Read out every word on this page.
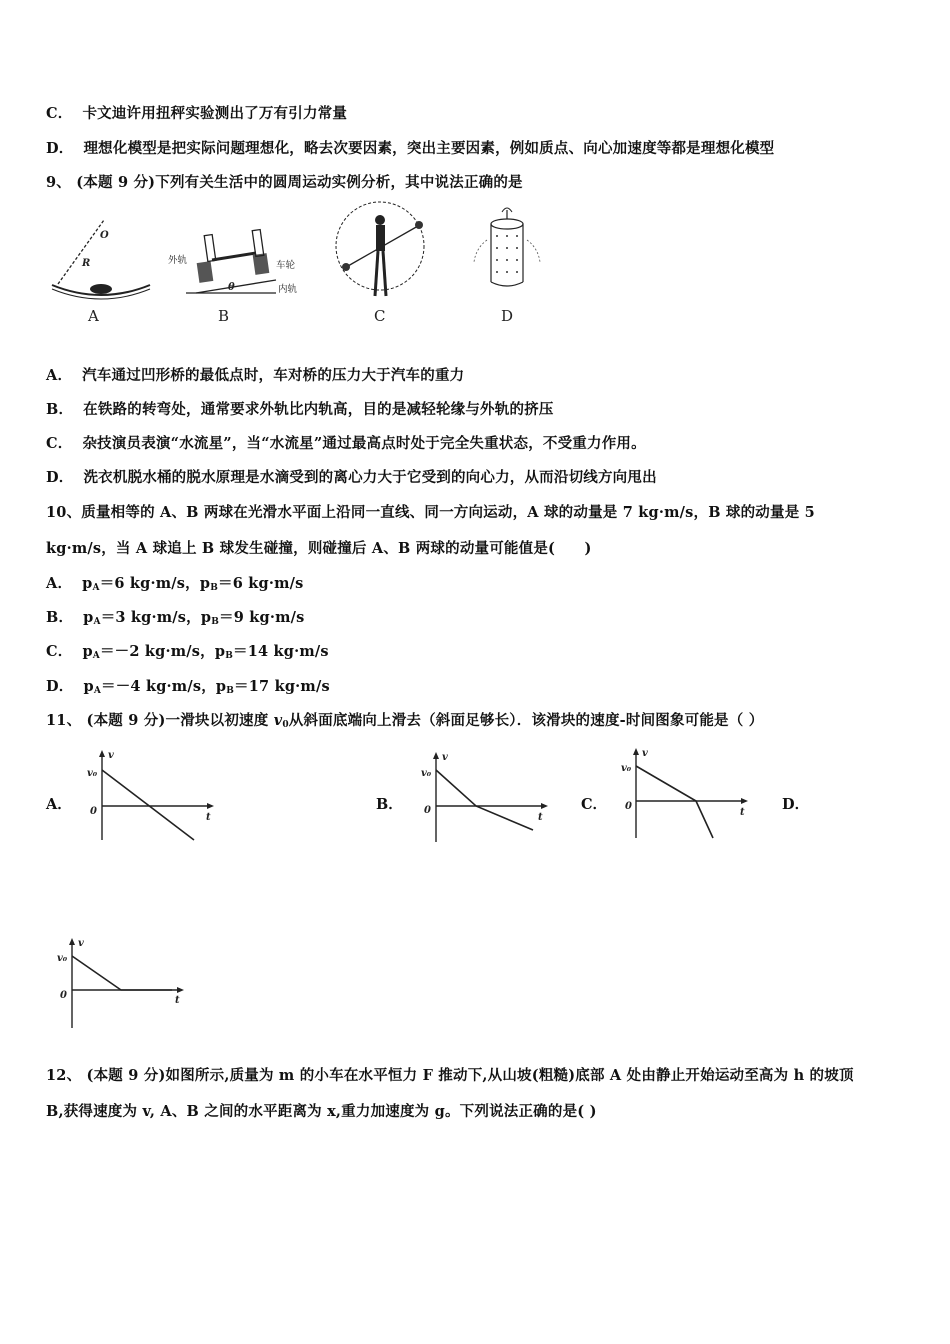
C． 卡文迪许用扭秤实验测出了万有引力常量
D． 理想化模型是把实际问题理想化，略去次要因素，突出主要因素，例如质点、向心加速度等都是理想化模型
9、 (本题 9 分)下列有关生活中的圆周运动实例分析，其中说法正确的是
O
R
A
外轨	车轮
内轨
θ
B	C	D
A． 汽车通过凹形桥的最低点时，车对桥的压力大于汽车的重力
B． 在铁路的转弯处，通常要求外轨比内轨高，目的是减轻轮缘与外轨的挤压
C． 杂技演员表演“水流星”，当“水流星”通过最高点时处于完全失重状态，不受重力作用。
D． 洗衣机脱水桶的脱水原理是水滴受到的离心力大于它受到的向心力，从而沿切线方向甩出
10、质量相等的 A、B 两球在光滑水平面上沿同一直线、同一方向运动，A 球的动量是 7 kg·m/s，B 球的动量是 5
kg·m/s，当 A 球追上 B 球发生碰撞，则碰撞后 A、B 两球的动量可能值是(　　)
A． $p_A=6$ kg·m/s，$p_B=6$ kg·m/s
B． $p_A=3$ kg·m/s，$p_B=9$ kg·m/s
C． $p_A=-2$ kg·m/s，$p_B=14$ kg·m/s
D． $p_A=-4$ kg·m/s，$p_B=17$ kg·m/s
11、 (本题 9 分)一滑块以初速度 $v_0$从斜面底端向上滑去（斜面足够长）．该滑块的速度-时间图象可能是（ ）
A．	B．	C．	D．
v
v₀
0
t
v
v₀
0
t
v
v₀
0
t
v
v₀
0	t
12、 (本题 9 分)如图所示,质量为 m 的小车在水平恒力 F 推动下,从山坡(粗糙)底部 A 处由静止开始运动至高为 h 的坡顶
B,获得速度为 v, A、B 之间的水平距离为 x,重力加速度为 g。下列说法正确的是( )
